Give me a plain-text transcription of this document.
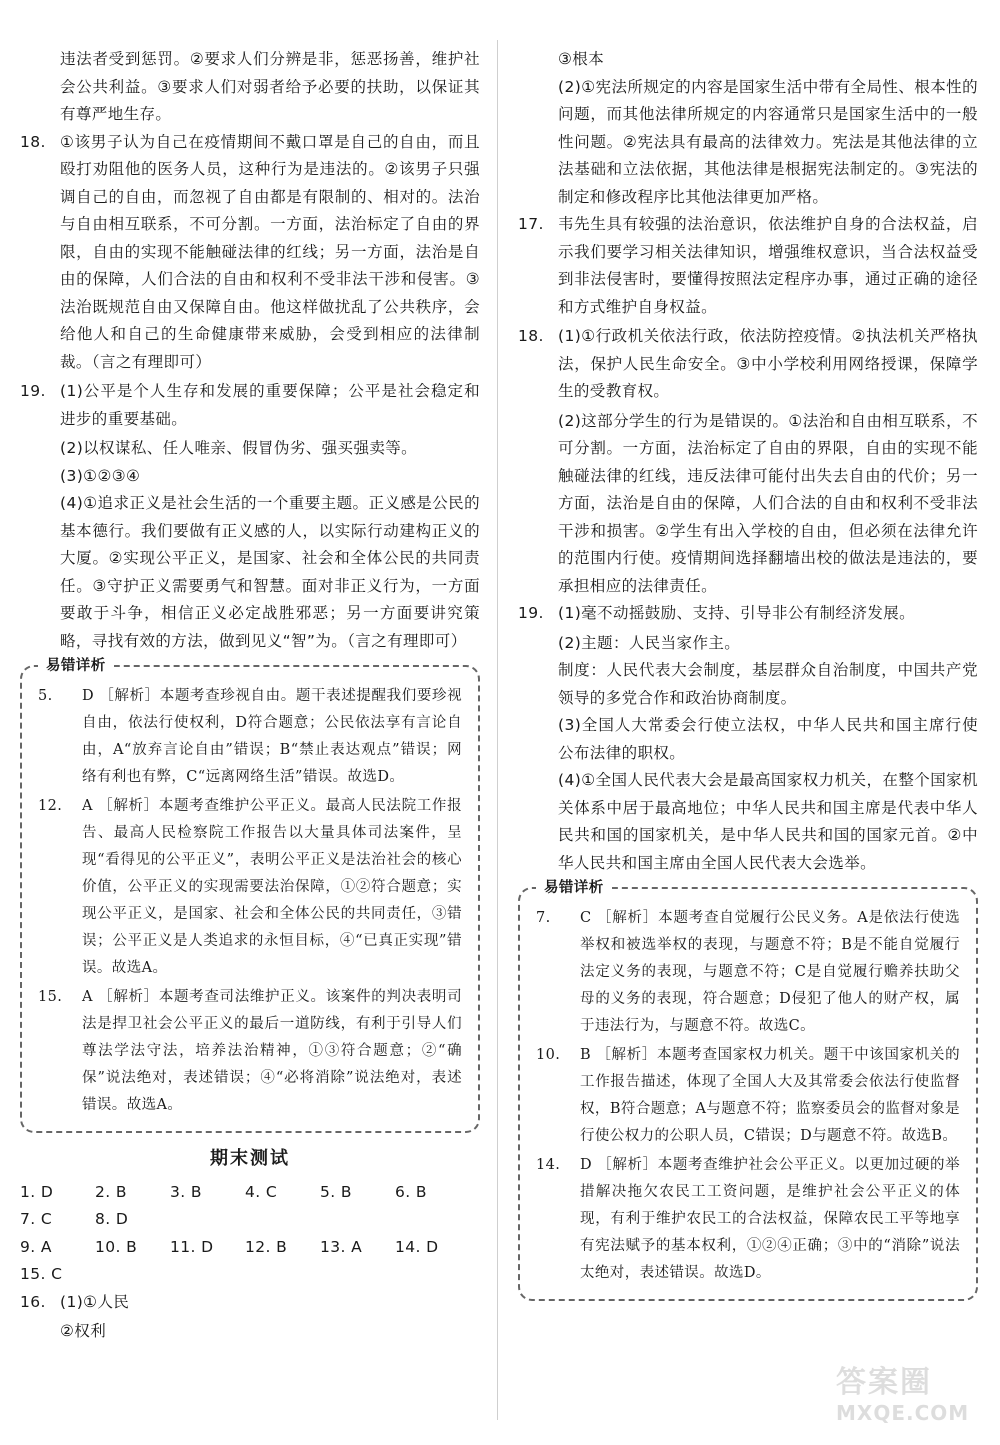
违法者受到惩罚。②要求人们分辨是非，惩恶扬善，维护社会公共利益。③要求人们对弱者给予必要的扶助，以保证其有尊严地生存。
18. ①该男子认为自己在疫情期间不戴口罩是自己的自由，而且殴打劝阻他的医务人员，这种行为是违法的。②该男子只强调自己的自由，而忽视了自由都是有限制的、相对的。法治与自由相互联系，不可分割。一方面，法治标定了自由的界限，自由的实现不能触碰法律的红线；另一方面，法治是自由的保障，人们合法的自由和权利不受非法干涉和侵害。③法治既规范自由又保障自由。他这样做扰乱了公共秩序，会给他人和自己的生命健康带来威胁，会受到相应的法律制裁。（言之有理即可）
19. (1)公平是个人生存和发展的重要保障；公平是社会稳定和进步的重要基础。
(2)以权谋私、任人唯亲、假冒伪劣、强买强卖等。
(3)①②③④
(4)①追求正义是社会生活的一个重要主题。正义感是公民的基本德行。我们要做有正义感的人，以实际行动建构正义的大厦。②实现公平正义，是国家、社会和全体公民的共同责任。③守护正义需要勇气和智慧。面对非正义行为，一方面要敢于斗争，相信正义必定战胜邪恶；另一方面要讲究策略，寻找有效的方法，做到见义“智”为。（言之有理即可）
易错详析
5.	D ［解析］本题考查珍视自由。题干表述提醒我们要珍视自由，依法行使权利，D符合题意；公民依法享有言论自由，A“放弃言论自由”错误；B“禁止表达观点”错误；网络有利也有弊，C“远离网络生活”错误。故选D。
12.	A ［解析］本题考查维护公平正义。最高人民法院工作报告、最高人民检察院工作报告以大量具体司法案件，呈现“看得见的公平正义”，表明公平正义是法治社会的核心价值，公平正义的实现需要法治保障，①②符合题意；实现公平正义，是国家、社会和全体公民的共同责任，③错误；公平正义是人类追求的永恒目标，④“已真正实现”错误。故选A。
15.	A ［解析］本题考查司法维护正义。该案件的判决表明司法是捍卫社会公平正义的最后一道防线，有利于引导人们尊法学法守法，培养法治精神，①③符合题意；②“确保”说法绝对，表述错误；④“必将消除”说法绝对，表述错误。故选A。
期末测试
1. D	2. B	3. B	4. C	5. B	6. B
7. C	8. D
9. A	10. B	11. D	12. B	13. A	14. D
15. C
16. (1)①人民
②权利
③根本
(2)①宪法所规定的内容是国家生活中带有全局性、根本性的问题，而其他法律所规定的内容通常只是国家生活中的一般性问题。②宪法具有最高的法律效力。宪法是其他法律的立法基础和立法依据，其他法律是根据宪法制定的。③宪法的制定和修改程序比其他法律更加严格。
17. 韦先生具有较强的法治意识，依法维护自身的合法权益，启示我们要学习相关法律知识，增强维权意识，当合法权益受到非法侵害时，要懂得按照法定程序办事，通过正确的途径和方式维护自身权益。
18. (1)①行政机关依法行政，依法防控疫情。②执法机关严格执法，保护人民生命安全。③中小学校利用网络授课，保障学生的受教育权。
(2)这部分学生的行为是错误的。①法治和自由相互联系，不可分割。一方面，法治标定了自由的界限，自由的实现不能触碰法律的红线，违反法律可能付出失去自由的代价；另一方面，法治是自由的保障，人们合法的自由和权利不受非法干涉和损害。②学生有出入学校的自由，但必须在法律允许的范围内行使。疫情期间选择翻墙出校的做法是违法的，要承担相应的法律责任。
19. (1)毫不动摇鼓励、支持、引导非公有制经济发展。
(2)主题：人民当家作主。
制度：人民代表大会制度，基层群众自治制度，中国共产党领导的多党合作和政治协商制度。
(3)全国人大常委会行使立法权，中华人民共和国主席行使公布法律的职权。
(4)①全国人民代表大会是最高国家权力机关，在整个国家机关体系中居于最高地位；中华人民共和国主席是代表中华人民共和国的国家机关，是中华人民共和国的国家元首。②中华人民共和国主席由全国人民代表大会选举。
易错详析
7.	C ［解析］本题考查自觉履行公民义务。A是依法行使选举权和被选举权的表现，与题意不符；B是不能自觉履行法定义务的表现，与题意不符；C是自觉履行赡养扶助父母的义务的表现，符合题意；D侵犯了他人的财产权，属于违法行为，与题意不符。故选C。
10.	B ［解析］本题考查国家权力机关。题干中该国家机关的工作报告描述，体现了全国人大及其常委会依法行使监督权，B符合题意；A与题意不符；监察委员会的监督对象是行使公权力的公职人员，C错误；D与题意不符。故选B。
14.	D ［解析］本题考查维护社会公平正义。以更加过硬的举措解决拖欠农民工工资问题，是维护社会公平正义的体现，有利于维护农民工的合法权益，保障农民工平等地享有宪法赋予的基本权利，①②④正确；③中的“消除”说法太绝对，表述错误。故选D。
答案圈
MXQE.COM
